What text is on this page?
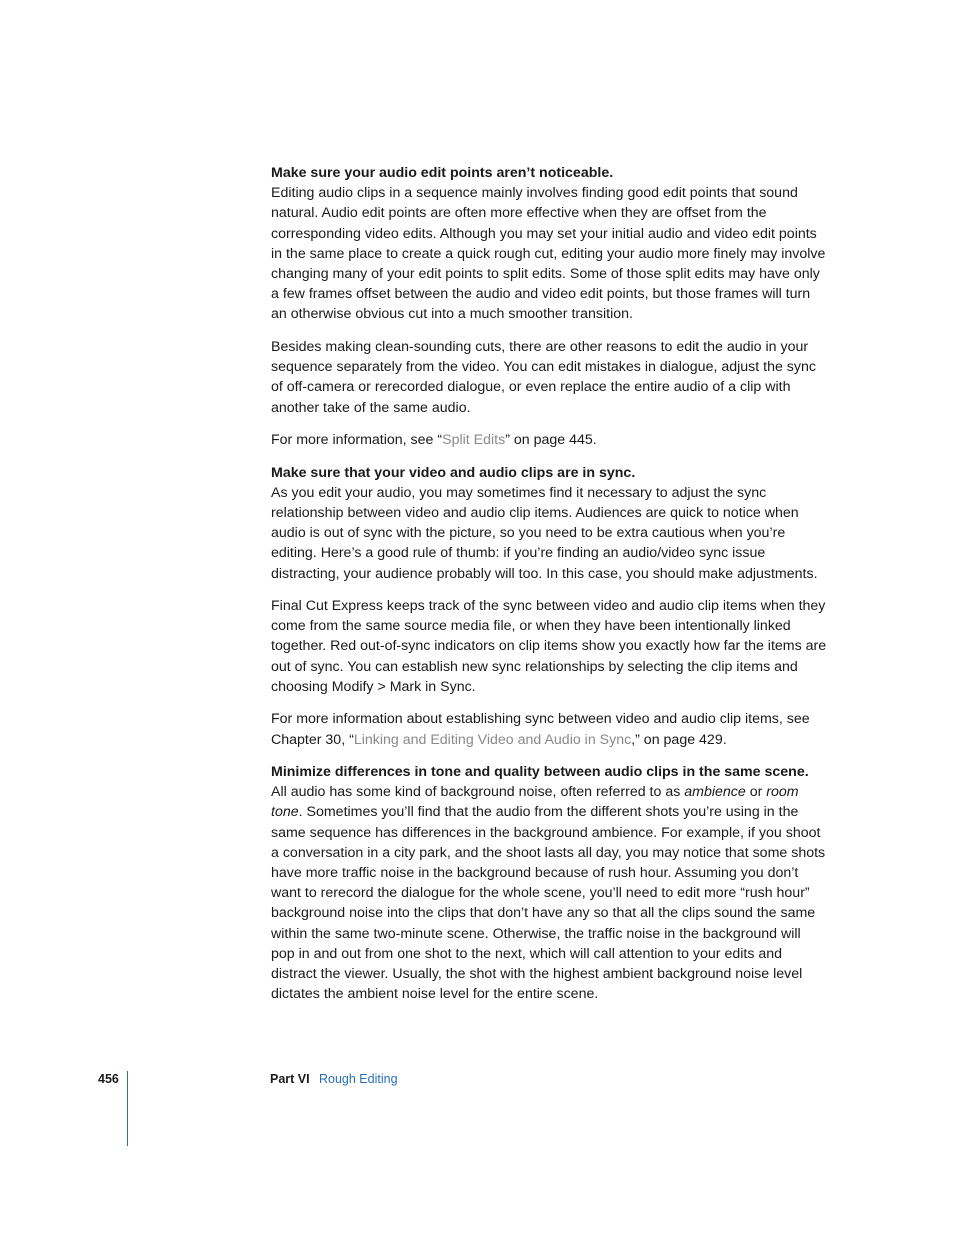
Make sure your audio edit points aren’t noticeable.

Editing audio clips in a sequence mainly involves finding good edit points that sound natural. Audio edit points are often more effective when they are offset from the corresponding video edits. Although you may set your initial audio and video edit points in the same place to create a quick rough cut, editing your audio more finely may involve changing many of your edit points to split edits. Some of those split edits may have only a few frames offset between the audio and video edit points, but those frames will turn an otherwise obvious cut into a much smoother transition.

Besides making clean-sounding cuts, there are other reasons to edit the audio in your sequence separately from the video. You can edit mistakes in dialogue, adjust the sync of off-camera or rerecorded dialogue, or even replace the entire audio of a clip with another take of the same audio.

For more information, see “Split Edits” on page 445.

Make sure that your video and audio clips are in sync.

As you edit your audio, you may sometimes find it necessary to adjust the sync relationship between video and audio clip items. Audiences are quick to notice when audio is out of sync with the picture, so you need to be extra cautious when you’re editing. Here’s a good rule of thumb: if you’re finding an audio/video sync issue distracting, your audience probably will too. In this case, you should make adjustments.

Final Cut Express keeps track of the sync between video and audio clip items when they come from the same source media file, or when they have been intentionally linked together. Red out-of-sync indicators on clip items show you exactly how far the items are out of sync. You can establish new sync relationships by selecting the clip items and choosing Modify > Mark in Sync.

For more information about establishing sync between video and audio clip items, see Chapter 30, “Linking and Editing Video and Audio in Sync,” on page 429.

Minimize differences in tone and quality between audio clips in the same scene.

All audio has some kind of background noise, often referred to as ambience or room tone. Sometimes you’ll find that the audio from the different shots you’re using in the same sequence has differences in the background ambience. For example, if you shoot a conversation in a city park, and the shoot lasts all day, you may notice that some shots have more traffic noise in the background because of rush hour. Assuming you don’t want to rerecord the dialogue for the whole scene, you’ll need to edit more “rush hour” background noise into the clips that don’t have any so that all the clips sound the same within the same two-minute scene. Otherwise, the traffic noise in the background will pop in and out from one shot to the next, which will call attention to your edits and distract the viewer. Usually, the shot with the highest ambient background noise level dictates the ambient noise level for the entire scene.

456	Part VI Rough Editing
